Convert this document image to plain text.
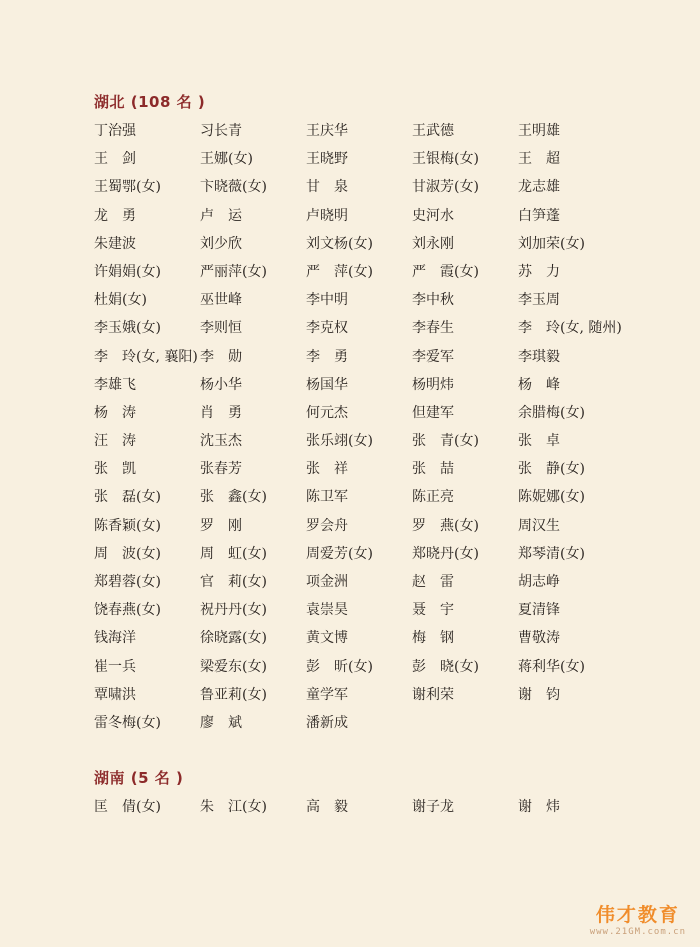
湖北 (108 名 )
丁治强	习长青	王庆华	王武德	王明雄
王　剑	王娜(女)	王晓野	王银梅(女)	王　超
王蜀鄂(女)	卞晓薇(女)	甘　泉	甘淑芳(女)	龙志雄
龙　勇	卢　运	卢晓明	史河水	白笋蓬
朱建波	刘少欣	刘文杨(女)	刘永刚	刘加荣(女)
许娟娟(女)	严丽萍(女)	严　萍(女)	严　霞(女)	苏　力
杜娟(女)	巫世峰	李中明	李中秋	李玉周
李玉娥(女)	李则恒	李克权	李春生	李　玲(女, 随州)
李　玲(女, 襄阳) 李　勋	李　勇	李爱军	李琪毅
李雄飞	杨小华	杨国华	杨明炜	杨　峰
杨　涛	肖　勇	何元杰	但建军	余腊梅(女)
汪　涛	沈玉杰	张乐翊(女)	张　青(女)	张　卓
张　凯	张春芳	张　祥	张　喆	张　静(女)
张　磊(女)	张　鑫(女)	陈卫军	陈正亮	陈妮娜(女)
陈香颖(女)	罗　刚	罗会舟	罗　燕(女)	周汉生
周　波(女)	周　虹(女)	周爱芳(女)	郑晓丹(女)	郑琴清(女)
郑碧蓉(女)	官　莉(女)	项金洲	赵　雷	胡志峥
饶春燕(女)	祝丹丹(女)	袁崇昊	聂　宇	夏清锋
钱海洋	徐晓露(女)	黄文博	梅　钢	曹敬涛
崔一兵	梁爱东(女)	彭　昕(女)	彭　晓(女)	蒋利华(女)
覃啸洪	鲁亚莉(女)	童学军	谢利荣	谢　钧
雷冬梅(女)	廖　斌	潘新成
湖南 (5 名 )
匡　倩(女)	朱　江(女)	高　毅	谢子龙	谢　炜
伟才教育
www.21GM.com.cn
